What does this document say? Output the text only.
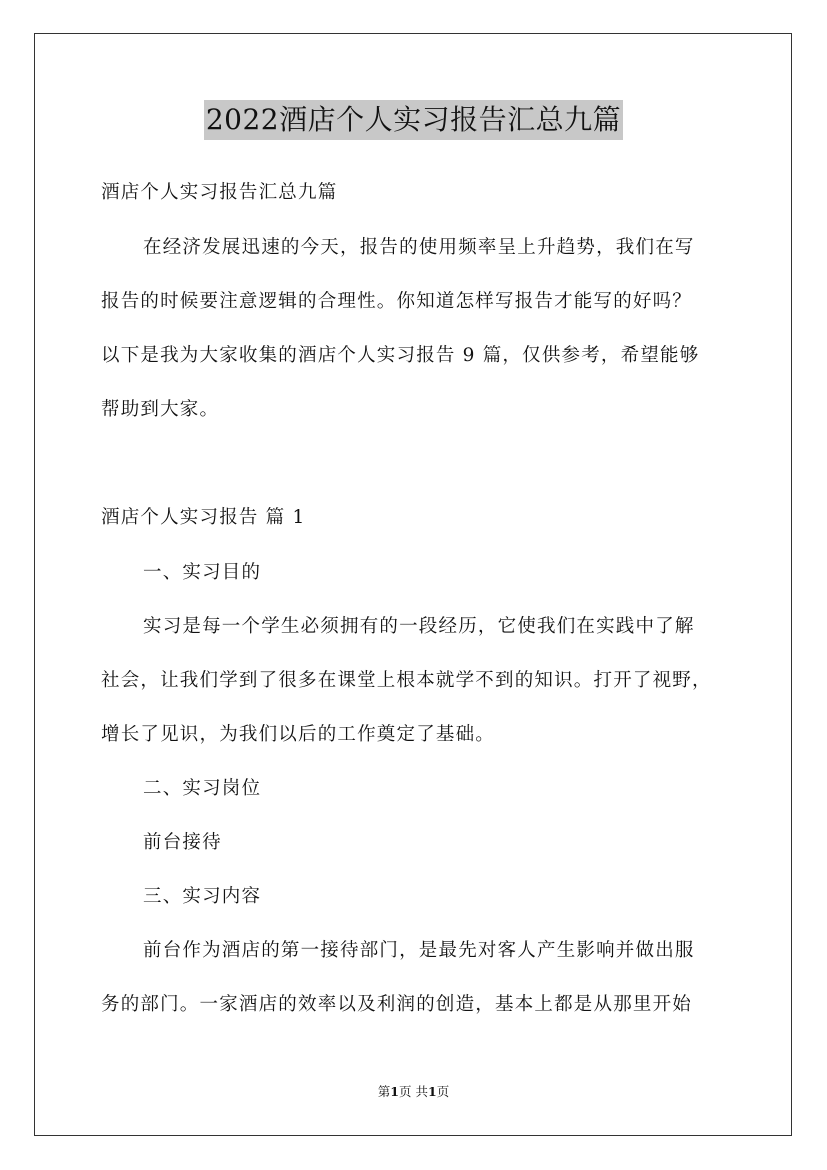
2022酒店个人实习报告汇总九篇
酒店个人实习报告汇总九篇
在经济发展迅速的今天，报告的使用频率呈上升趋势，我们在写
报告的时候要注意逻辑的合理性。你知道怎样写报告才能写的好吗？
以下是我为大家收集的酒店个人实习报告 9 篇，仅供参考，希望能够
帮助到大家。
酒店个人实习报告 篇 1
一、实习目的
实习是每一个学生必须拥有的一段经历，它使我们在实践中了解
社会，让我们学到了很多在课堂上根本就学不到的知识。打开了视野，
增长了见识，为我们以后的工作奠定了基础。
二、实习岗位
前台接待
三、实习内容
前台作为酒店的第一接待部门，是最先对客人产生影响并做出服
务的部门。一家酒店的效率以及利润的创造，基本上都是从那里开始
第1页 共1页
